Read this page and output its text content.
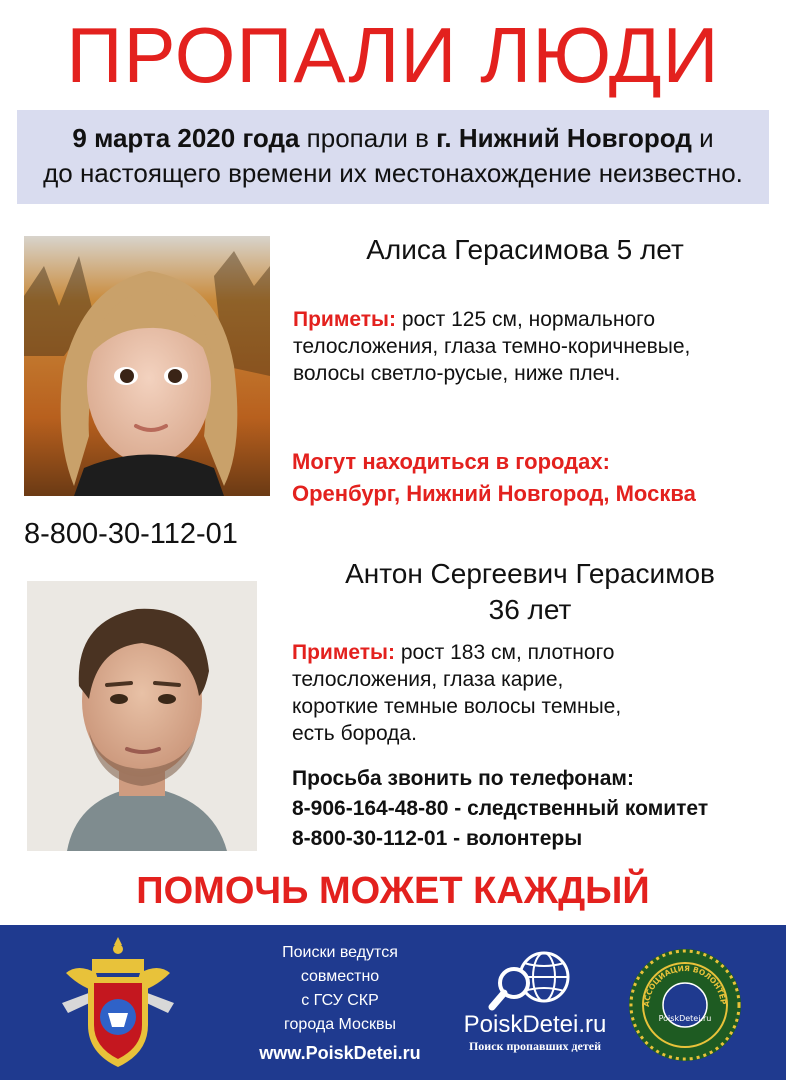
ПРОПАЛИ ЛЮДИ
9 марта 2020 года пропали в г. Нижний Новгород и
до настоящего времени их местонахождение неизвестно.
Алиса Герасимова 5 лет
Приметы: рост 125 см, нормального
телосложения, глаза темно-коричневые,
волосы светло-русые, ниже плеч.
Могут находиться в городах:
Оренбург, Нижний Новгород, Москва
8-800-30-112-01
Антон Сергеевич Герасимов
36 лет
Приметы: рост 183 см, плотного
телосложения, глаза карие,
короткие темные волосы темные,
есть борода.
Просьба звонить по телефонам:
8-906-164-48-80 - следственный комитет
8-800-30-112-01 - волонтеры
ПОМОЧЬ МОЖЕТ КАЖДЫЙ
Поиски ведутся
совместно
с ГСУ СКР
города Москвы
www.PoiskDetei.ru
PoiskDetei.ru
Поиск пропавших детей
АССОЦИАЦИЯ ВОЛОНТЕР
PoiskDetei.ru
